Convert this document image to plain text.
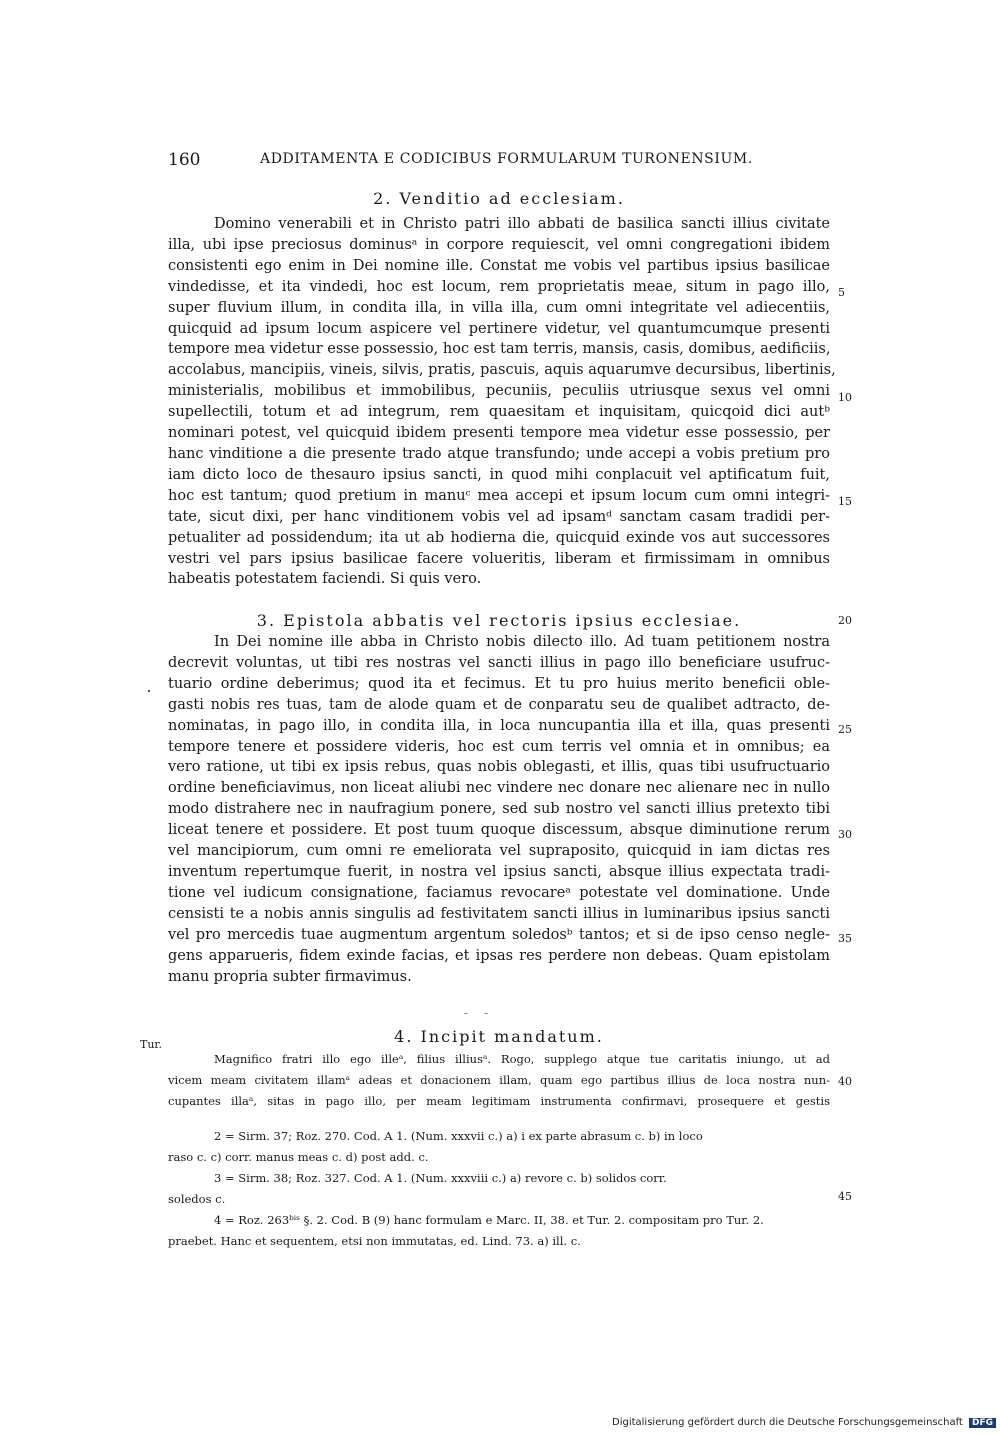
160	ADDITAMENTA E CODICIBUS FORMULARUM TURONENSIUM.
2. Venditio ad ecclesiam.
Domino venerabili et in Christo patri illo abbati de basilica sancti illius civitate
illa, ubi ipse preciosus dominusᵃ in corpore requiescit, vel omni congregationi ibidem
consistenti ego enim in Dei nomine ille. Constat me vobis vel partibus ipsius basilicae
vindedisse, et ita vindedi, hoc est locum, rem proprietatis meae, situm in pago illo,
super fluvium illum, in condita illa, in villa illa, cum omni integritate vel adiecentiis,
quicquid ad ipsum locum aspicere vel pertinere videtur, vel quantumcumque presenti
tempore mea videtur esse possessio, hoc est tam terris, mansis, casis, domibus, aedificiis,
accolabus, mancipiis, vineis, silvis, pratis, pascuis, aquis aquarumve decursibus, libertinis,
ministerialis, mobilibus et immobilibus, pecuniis, peculiis utriusque sexus vel omni
supellectili, totum et ad integrum, rem quaesitam et inquisitam, quicqoid dici autᵇ
nominari potest, vel quicquid ibidem presenti tempore mea videtur esse possessio, per
hanc vinditione a die presente trado atque transfundo; unde accepi a vobis pretium pro
iam dicto loco de thesauro ipsius sancti, in quod mihi conplacuit vel aptificatum fuit,
hoc est tantum; quod pretium in manuᶜ mea accepi et ipsum locum cum omni integri-
tate, sicut dixi, per hanc vinditionem vobis vel ad ipsamᵈ sanctam casam tradidi per-
petualiter ad possidendum; ita ut ab hodierna die, quicquid exinde vos aut successores
vestri vel pars ipsius basilicae facere volueritis, liberam et firmissimam in omnibus
habeatis potestatem faciendi. Si quis vero.
3. Epistola abbatis vel rectoris ipsius ecclesiae.
In Dei nomine ille abba in Christo nobis dilecto illo. Ad tuam petitionem nostra
decrevit voluntas, ut tibi res nostras vel sancti illius in pago illo beneficiare usufruc-
tuario ordine deberimus; quod ita et fecimus. Et tu pro huius merito beneficii oble-
gasti nobis res tuas, tam de alode quam et de conparatu seu de qualibet adtracto, de-
nominatas, in pago illo, in condita illa, in loca nuncupantia illa et illa, quas presenti
tempore tenere et possidere videris, hoc est cum terris vel omnia et in omnibus; ea
vero ratione, ut tibi ex ipsis rebus, quas nobis oblegasti, et illis, quas tibi usufructuario
ordine beneficiavimus, non liceat aliubi nec vindere nec donare nec alienare nec in nullo
modo distrahere nec in naufragium ponere, sed sub nostro vel sancti illius pretexto tibi
liceat tenere et possidere. Et post tuum quoque discessum, absque diminutione rerum
vel mancipiorum, cum omni re emeliorata vel supraposito, quicquid in iam dictas res
inventum repertumque fuerit, in nostra vel ipsius sancti, absque illius expectata tradi-
tione vel iudicum consignatione, faciamus revocareᵃ potestate vel dominatione. Unde
censisti te a nobis annis singulis ad festivitatem sancti illius in luminaribus ipsius sancti
vel pro mercedis tuae augmentum argentum soledosᵇ tantos; et si de ipso censo negle-
gens apparueris, fidem exinde facias, et ipsas res perdere non debeas. Quam epistolam
manu propria subter firmavimus.
- -
Tur.	4. Incipit mandatum.
Magnifico fratri illo ego illeᵃ, filius illiusᵃ. Rogo, supplego atque tue caritatis iniungo, ut ad
vicem meam civitatem illamᵃ adeas et donacionem illam, quam ego partibus illius de loca nostra nun-
cupantes illaᵃ, sitas in pago illo, per meam legitimam instrumenta confirmavi, prosequere et gestis
2 = Sirm. 37; Roz. 270. Cod. A 1. (Num. xxxvii c.) a) i ex parte abrasum c. b) in loco
raso c. c) corr. manus meas c. d) post add. c.
3 = Sirm. 38; Roz. 327. Cod. A 1. (Num. xxxviii c.) a) revore c. b) solidos corr.
soledos c.
4 = Roz. 263ᵇⁱˢ §. 2. Cod. B (9) hanc formulam e Marc. II, 38. et Tur. 2. compositam pro Tur. 2.
praebet. Hanc et sequentem, etsi non immutatas, ed. Lind. 73. a) ill. c.
5
10
15
20
25
30
35
40
45
Digitalisierung gefördert durch die Deutsche Forschungsgemeinschaft DFG
